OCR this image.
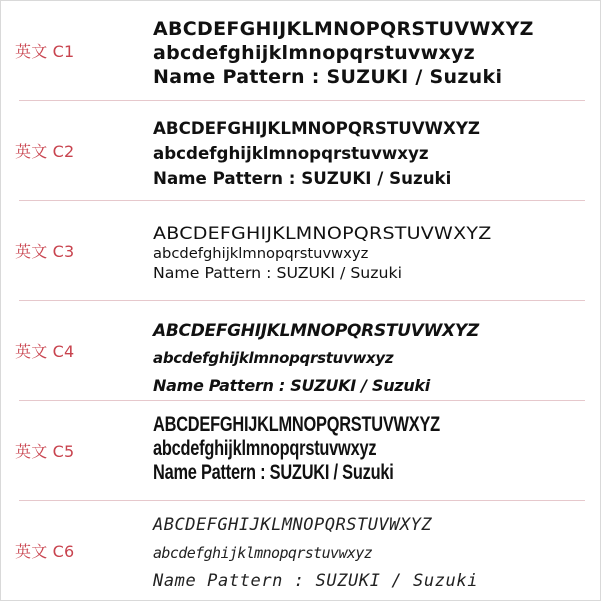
英文 C1
ABCDEFGHIJKLMNOPQRSTUVWXYZ
abcdefghijklmnopqrstuvwxyz
Name Pattern : SUZUKI / Suzuki
英文 C2
ABCDEFGHIJKLMNOPQRSTUVWXYZ
abcdefghijklmnopqrstuvwxyz
Name Pattern : SUZUKI / Suzuki
英文 C3
ABCDEFGHIJKLMNOPQRSTUVWXYZ
abcdefghijklmnopqrstuvwxyz
Name Pattern : SUZUKI / Suzuki
英文 C4
ABCDEFGHIJKLMNOPQRSTUVWXYZ
abcdefghijklmnopqrstuvwxyz
Name Pattern : SUZUKI / Suzuki
英文 C5
ABCDEFGHIJKLMNOPQRSTUVWXYZ
abcdefghijklmnopqrstuvwxyz
Name Pattern : SUZUKI / Suzuki
英文 C6
ABCDEFGHIJKLMNOPQRSTUVWXYZ
abcdefghijklmnopqrstuvwxyz
Name Pattern : SUZUKI / Suzuki
